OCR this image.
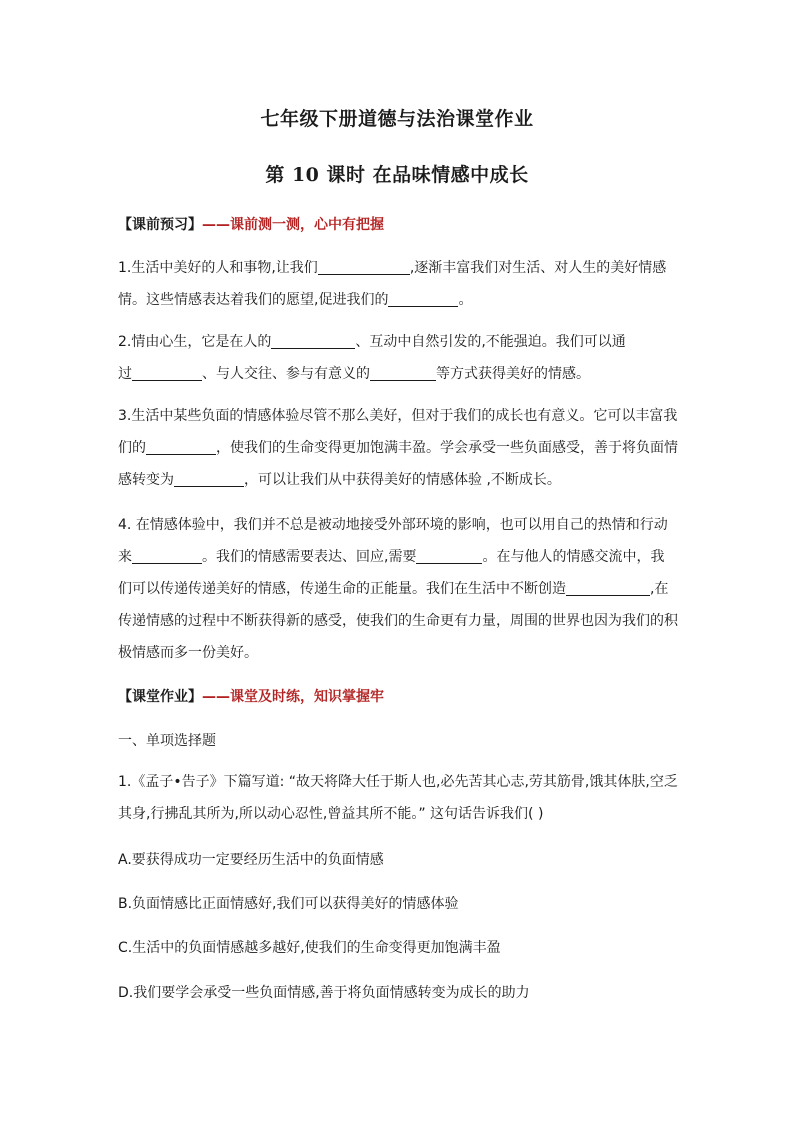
七年级下册道德与法治课堂作业
第 10 课时 在品味情感中成长
【课前预习】——课前测一测，心中有把握
1.生活中美好的人和事物,让我们	,逐渐丰富我们对生活、对人生的美好情感
情。这些情感表达着我们的愿望,促进我们的	。
2.情由心生，它是在人的	、互动中自然引发的,不能强迫。我们可以通
过	、与人交往、参与有意义的	等方式获得美好的情感。
3.生活中某些负面的情感体验尽管不那么美好，但对于我们的成长也有意义。它可以丰富我
们的	，使我们的生命变得更加饱满丰盈。学会承受一些负面感受，善于将负面情
感转变为	，可以让我们从中获得美好的情感体验 ,不断成长。
4. 在情感体验中，我们并不总是被动地接受外部环境的影响，也可以用自己的热情和行动
来	。我们的情感需要表达、回应,需要	。在与他人的情感交流中，我
们可以传递传递美好的情感，传递生命的正能量。我们在生活中不断创造	,在
传递情感的过程中不断获得新的感受，使我们的生命更有力量，周围的世界也因为我们的积
极情感而多一份美好。
【课堂作业】——课堂及时练，知识掌握牢
一、单项选择题
1.《孟子•告子》下篇写道: “故天将降大任于斯人也,必先苦其心志,劳其筋骨,饿其体肤,空乏
其身,行拂乱其所为,所以动心忍性,曾益其所不能。” 这句话告诉我们( )
A.要获得成功一定要经历生活中的负面情感
B.负面情感比正面情感好,我们可以获得美好的情感体验
C.生活中的负面情感越多越好,使我们的生命变得更加饱满丰盈
D.我们要学会承受一些负面情感,善于将负面情感转变为成长的助力
